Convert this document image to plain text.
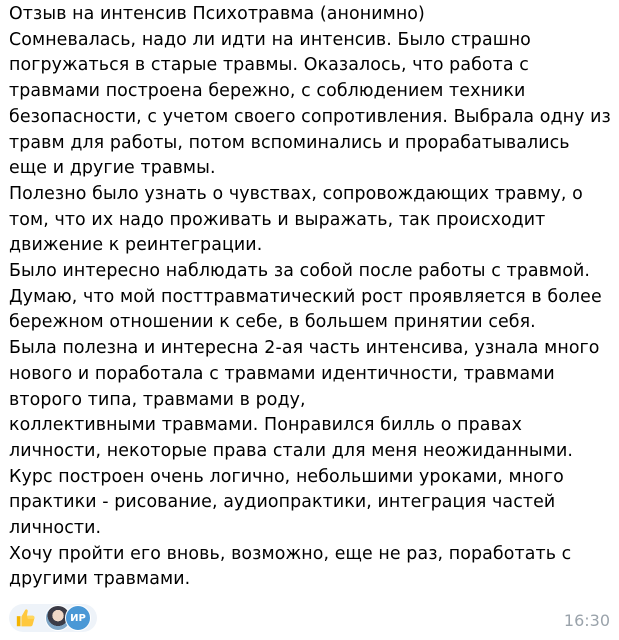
Отзыв на интенсив Психотравма (анонимно)
Сомневалась, надо ли идти на интенсив. Было страшно
погружаться в старые травмы. Оказалось, что работа с
травмами построена бережно, с соблюдением техники
безопасности, с учетом своего сопротивления. Выбрала одну из
травм для работы, потом вспоминались и прорабатывались
еще и другие травмы.
Полезно было узнать о чувствах, сопровождающих травму, о
том, что их надо проживать и выражать, так происходит
движение к реинтеграции.
Было интересно наблюдать за собой после работы с травмой.
Думаю, что мой посттравматический рост проявляется в более
бережном отношении к себе, в большем принятии себя.
Была полезна и интересна 2-ая часть интенсива, узнала много
нового и поработала с травмами идентичности, травмами
второго типа, травмами в роду,
коллективными травмами. Понравился билль о правах
личности, некоторые права стали для меня неожиданными.
Курс построен очень логично, небольшими уроками, много
практики - рисование, аудиопрактики, интеграция частей
личности.
Хочу пройти его вновь, возможно, еще не раз, поработать с
другими травмами.
ИР	16:30
